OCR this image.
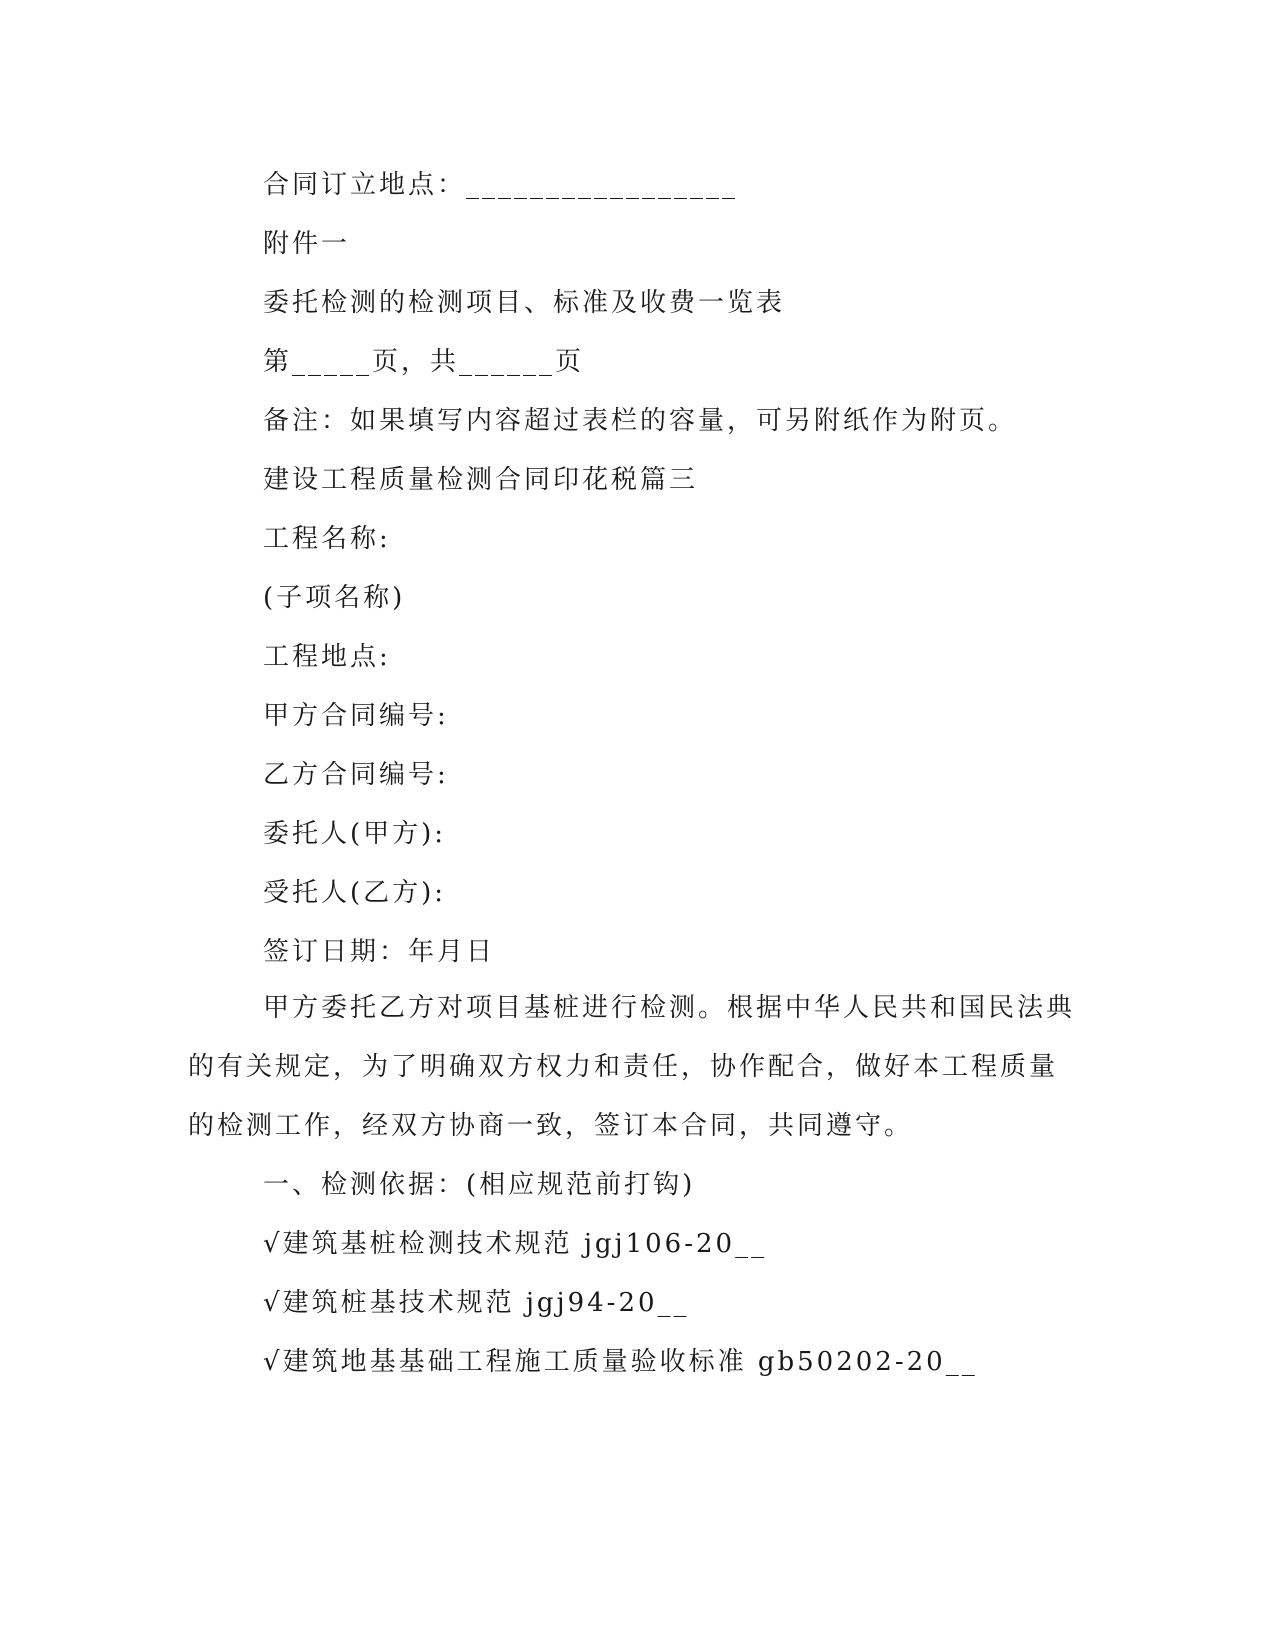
合同订立地点：_________________

附件一

委托检测的检测项目、标准及收费一览表

第_____页，共______页

备注：如果填写内容超过表栏的容量，可另附纸作为附页。

建设工程质量检测合同印花税篇三

工程名称:

(子项名称)

工程地点:

甲方合同编号:

乙方合同编号:

委托人(甲方):

受托人(乙方):

签订日期：年月日

甲方委托乙方对项目基桩进行检测。根据中华人民共和国民法典

的有关规定，为了明确双方权力和责任，协作配合，做好本工程质量

的检测工作，经双方协商一致，签订本合同，共同遵守。

一、检测依据：(相应规范前打钩)

√建筑基桩检测技术规范 jgj106-20__

√建筑桩基技术规范 jgj94-20__

√建筑地基基础工程施工质量验收标准 gb50202-20__
